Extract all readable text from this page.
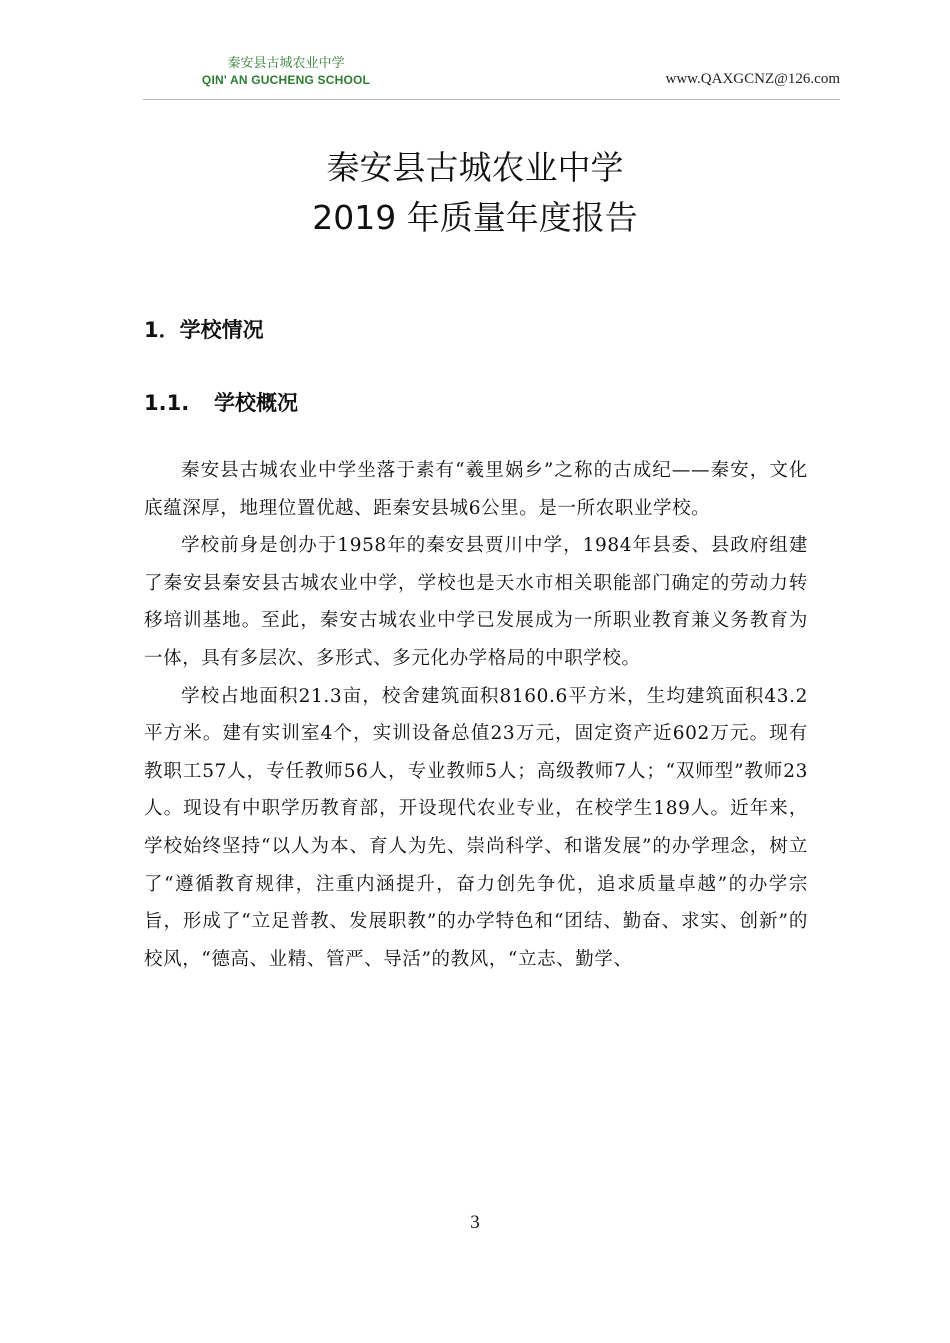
秦安县古城农业中学
QIN' AN GUCHENG SCHOOL	www.QAXGCNZ@126.com
秦安县古城农业中学
2019 年质量年度报告
1．学校情况
1.1. 学校概况

秦安县古城农业中学坐落于素有“羲里娲乡”之称的古成纪——秦安，文化底蕴深厚，地理位置优越、距秦安县城6公里。是一所农职业学校。

学校前身是创办于1958年的秦安县贾川中学，1984年县委、县政府组建了秦安县秦安县古城农业中学，学校也是天水市相关职能部门确定的劳动力转移培训基地。至此，秦安古城农业中学已发展成为一所职业教育兼义务教育为一体，具有多层次、多形式、多元化办学格局的中职学校。

学校占地面积21.3亩，校舍建筑面积8160.6平方米，生均建筑面积43.2平方米。建有实训室4个，实训设备总值23万元，固定资产近602万元。现有教职工57人，专任教师56人，专业教师5人；高级教师7人；“双师型”教师23人。现设有中职学历教育部，开设现代农业专业，在校学生189人。近年来，学校始终坚持“以人为本、育人为先、崇尚科学、和谐发展”的办学理念，树立了“遵循教育规律，注重内涵提升，奋力创先争优，追求质量卓越”的办学宗旨，形成了“立足普教、发展职教”的办学特色和“团结、勤奋、求实、创新”的校风，“德高、业精、管严、导活”的教风，“立志、勤学、

3
